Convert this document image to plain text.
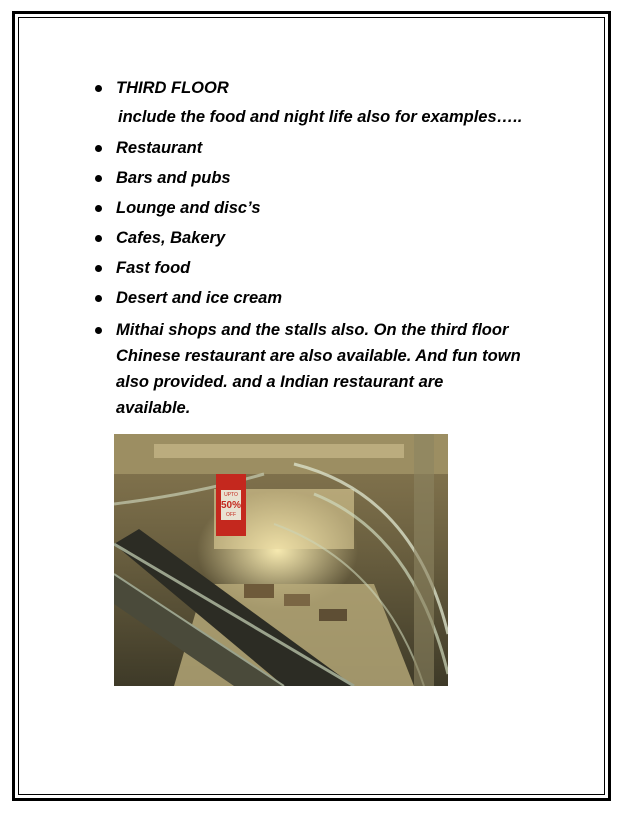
THIRD FLOOR
include the food and night life also for examples…..
Restaurant
Bars and pubs
Lounge and disc’s
Cafes, Bakery
Fast food
Desert and ice cream
Mithai shops and the stalls also. On the third floor
Chinese restaurant are also available. And fun town
also provided. and a Indian restaurant are
available.
UPTO
50%
OFF
